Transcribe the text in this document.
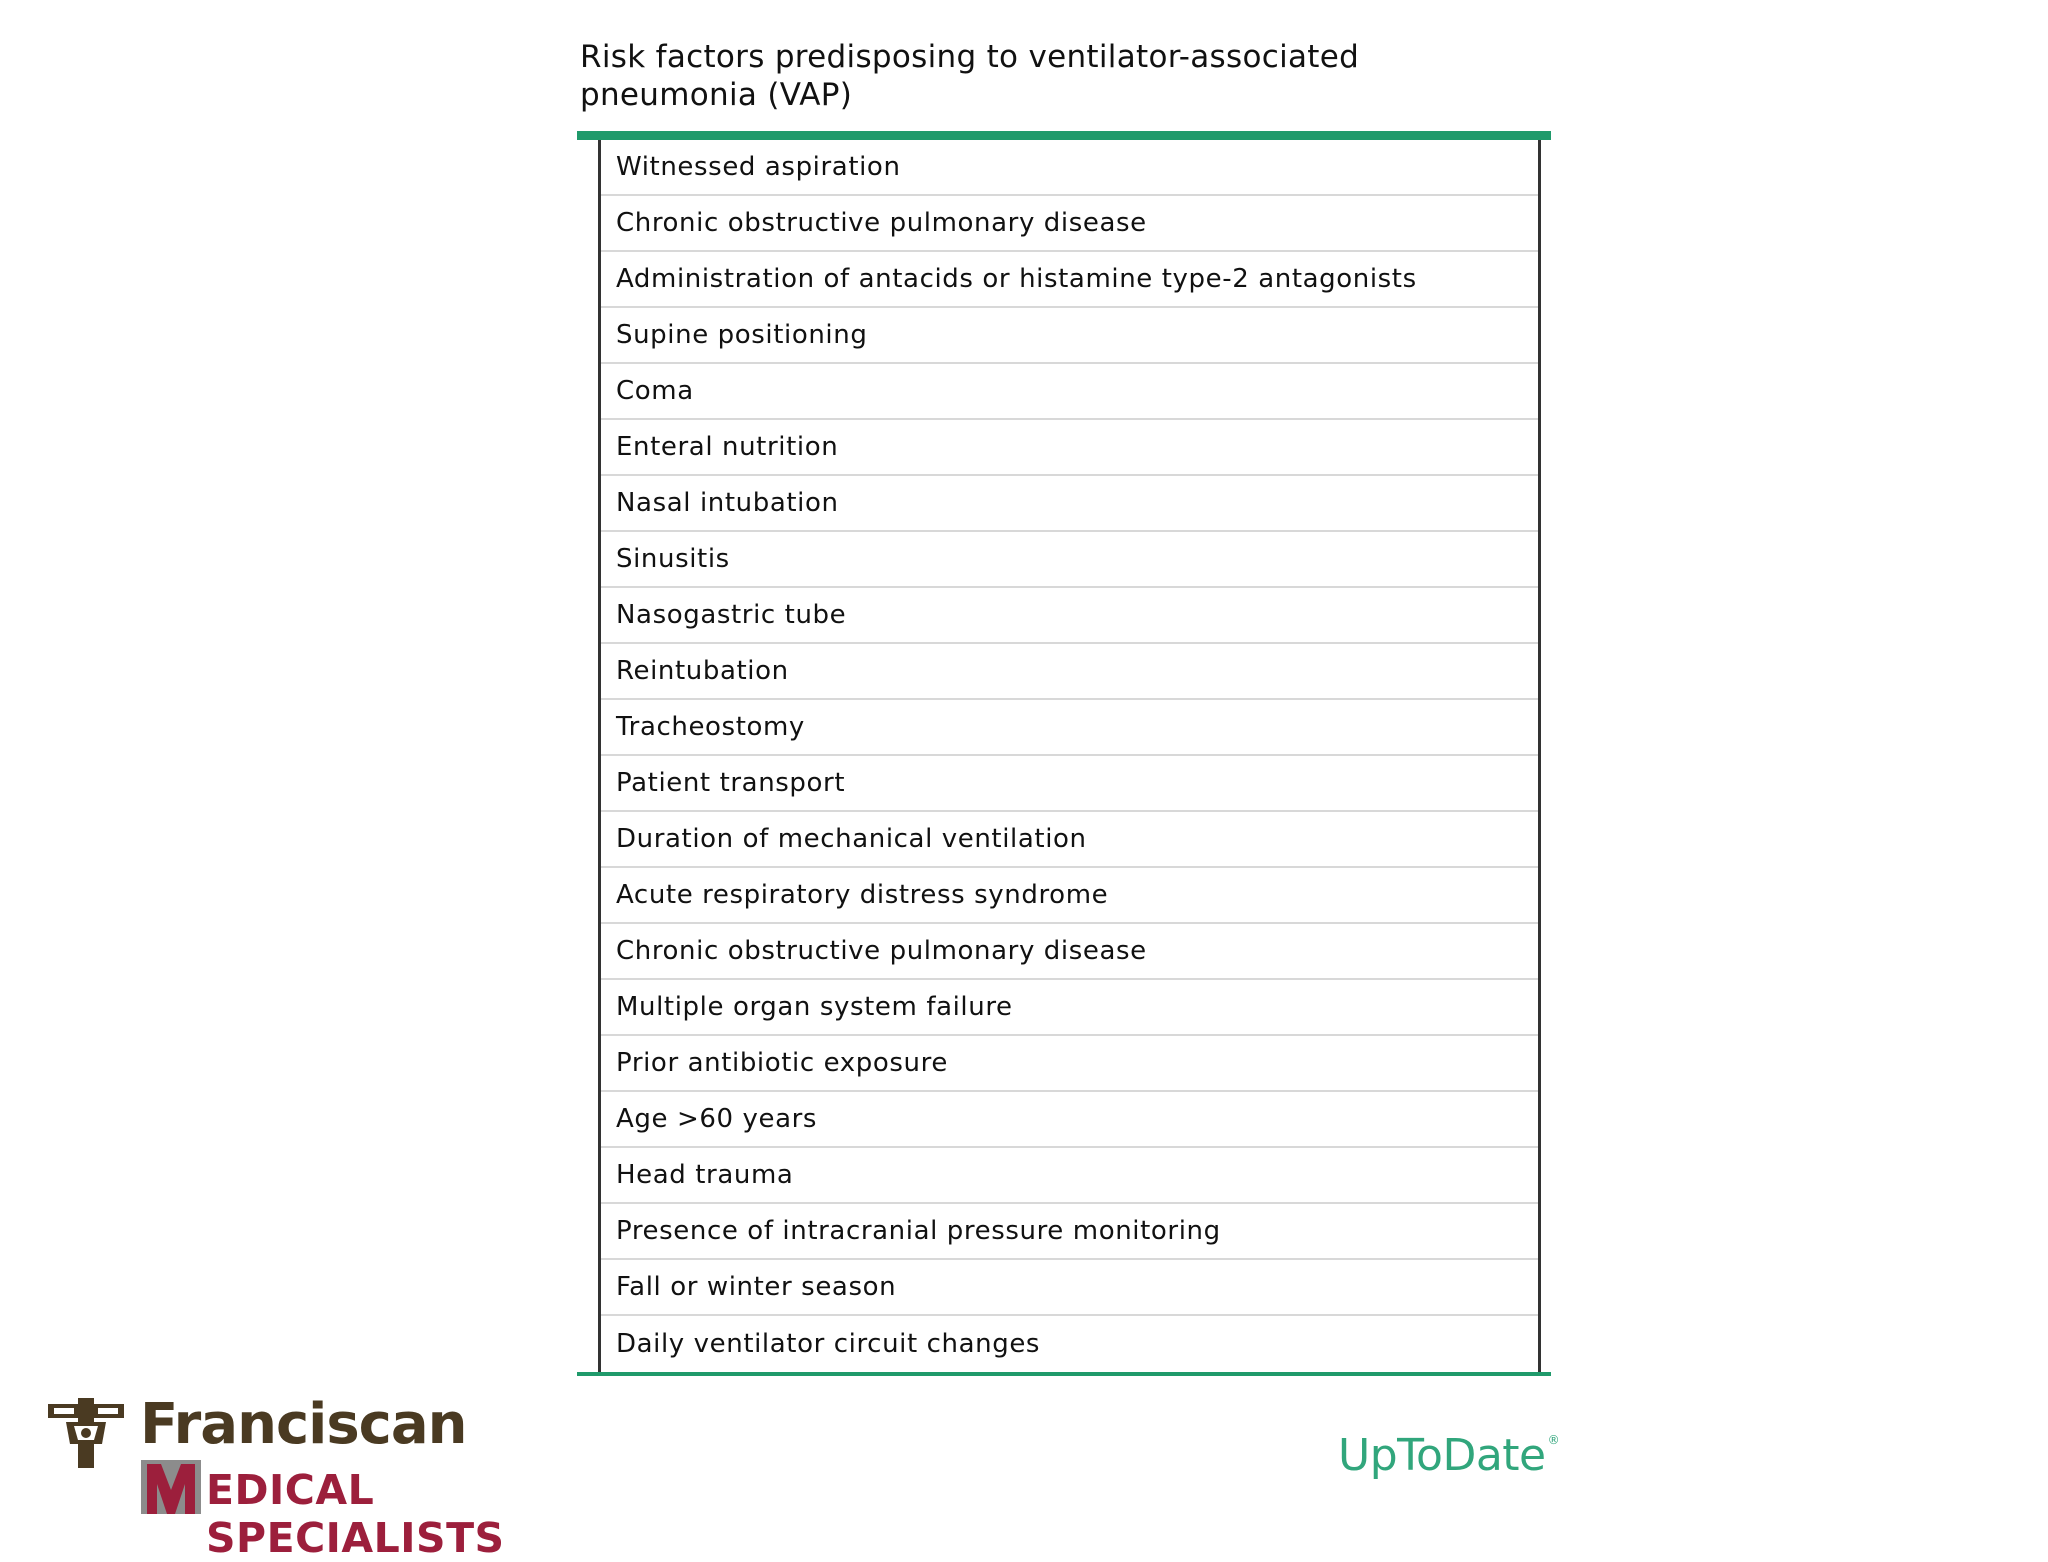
Risk factors predisposing to ventilator-associated pneumonia (VAP)
Witnessed aspiration
Chronic obstructive pulmonary disease
Administration of antacids or histamine type-2 antagonists
Supine positioning
Coma
Enteral nutrition
Nasal intubation
Sinusitis
Nasogastric tube
Reintubation
Tracheostomy
Patient transport
Duration of mechanical ventilation
Acute respiratory distress syndrome
Chronic obstructive pulmonary disease
Multiple organ system failure
Prior antibiotic exposure
Age >60 years
Head trauma
Presence of intracranial pressure monitoring
Fall or winter season
Daily ventilator circuit changes
Franciscan
EDICAL SPECIALISTS
UpToDate ®
